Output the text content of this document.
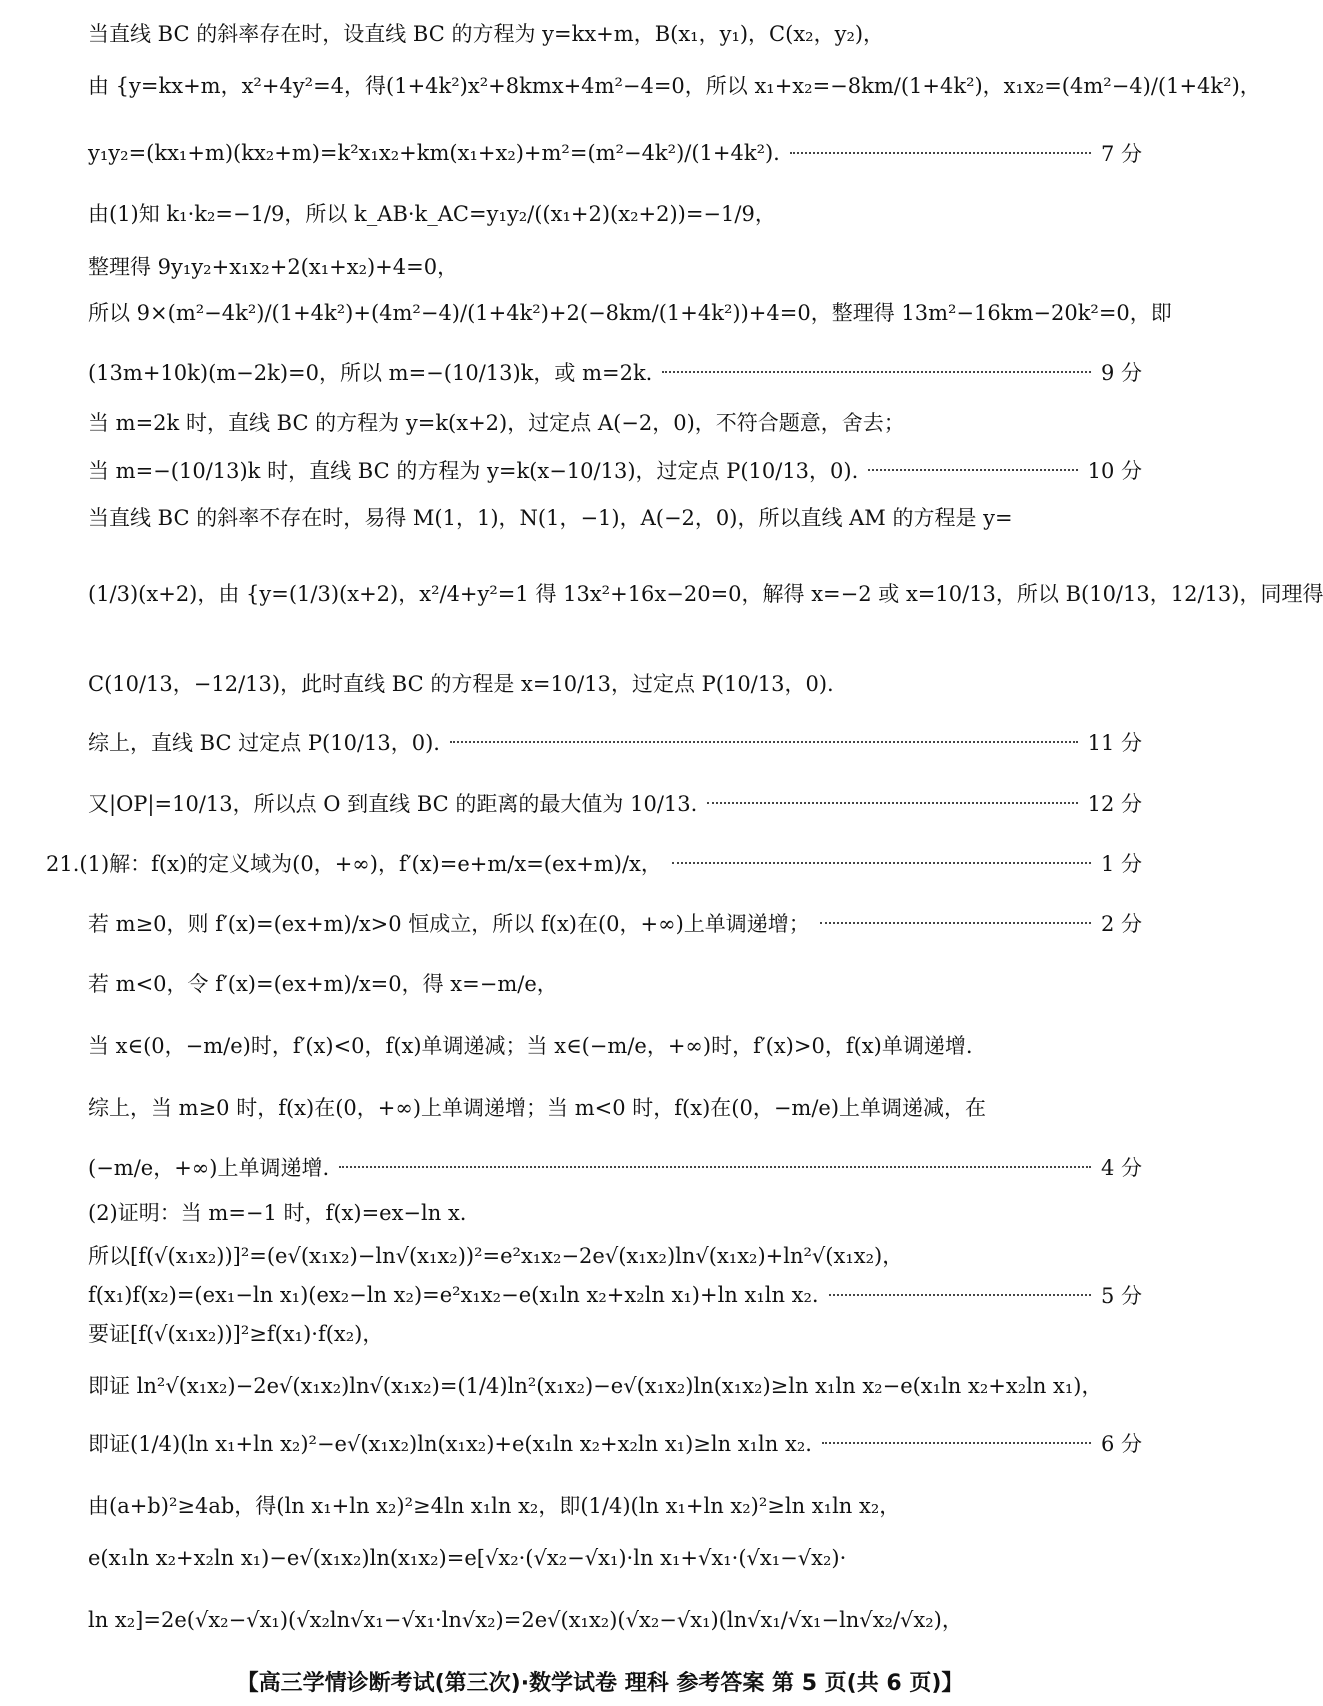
当直线 BC 的斜率存在时，设直线 BC 的方程为 y=kx+m，B(x₁，y₁)，C(x₂，y₂)，
由 {y=kx+m，x²+4y²=4，得(1+4k²)x²+8kmx+4m²−4=0，所以 x₁+x₂=−8km/(1+4k²)，x₁x₂=(4m²−4)/(1+4k²)，
y₁y₂=(kx₁+m)(kx₂+m)=k²x₁x₂+km(x₁+x₂)+m²=(m²−4k²)/(1+4k²).	7 分
由(1)知 k₁·k₂=−1/9，所以 k_AB·k_AC=y₁y₂/((x₁+2)(x₂+2))=−1/9，
整理得 9y₁y₂+x₁x₂+2(x₁+x₂)+4=0，
所以 9×(m²−4k²)/(1+4k²)+(4m²−4)/(1+4k²)+2(−8km/(1+4k²))+4=0，整理得 13m²−16km−20k²=0，即
(13m+10k)(m−2k)=0，所以 m=−(10/13)k，或 m=2k.	9 分
当 m=2k 时，直线 BC 的方程为 y=k(x+2)，过定点 A(−2，0)，不符合题意，舍去；
当 m=−(10/13)k 时，直线 BC 的方程为 y=k(x−10/13)，过定点 P(10/13，0).	10 分
当直线 BC 的斜率不存在时，易得 M(1，1)，N(1，−1)，A(−2，0)，所以直线 AM 的方程是 y=
(1/3)(x+2)，由 {y=(1/3)(x+2)，x²/4+y²=1 得 13x²+16x−20=0，解得 x=−2 或 x=10/13，所以 B(10/13，12/13)，同理得
C(10/13，−12/13)，此时直线 BC 的方程是 x=10/13，过定点 P(10/13，0).
综上，直线 BC 过定点 P(10/13，0).	11 分
又|OP|=10/13，所以点 O 到直线 BC 的距离的最大值为 10/13.	12 分
21.(1)解：f(x)的定义域为(0，+∞)，f′(x)=e+m/x=(ex+m)/x，	1 分
若 m≥0，则 f′(x)=(ex+m)/x>0 恒成立，所以 f(x)在(0，+∞)上单调递增；	2 分
若 m<0，令 f′(x)=(ex+m)/x=0，得 x=−m/e，
当 x∈(0，−m/e)时，f′(x)<0，f(x)单调递减；当 x∈(−m/e，+∞)时，f′(x)>0，f(x)单调递增.
综上，当 m≥0 时，f(x)在(0，+∞)上单调递增；当 m<0 时，f(x)在(0，−m/e)上单调递减，在
(−m/e，+∞)上单调递增.	4 分
(2)证明：当 m=−1 时，f(x)=ex−ln x.
所以[f(√(x₁x₂))]²=(e√(x₁x₂)−ln√(x₁x₂))²=e²x₁x₂−2e√(x₁x₂)ln√(x₁x₂)+ln²√(x₁x₂)，
f(x₁)f(x₂)=(ex₁−ln x₁)(ex₂−ln x₂)=e²x₁x₂−e(x₁ln x₂+x₂ln x₁)+ln x₁ln x₂.	5 分
要证[f(√(x₁x₂))]²≥f(x₁)·f(x₂)，
即证 ln²√(x₁x₂)−2e√(x₁x₂)ln√(x₁x₂)=(1/4)ln²(x₁x₂)−e√(x₁x₂)ln(x₁x₂)≥ln x₁ln x₂−e(x₁ln x₂+x₂ln x₁)，
即证(1/4)(ln x₁+ln x₂)²−e√(x₁x₂)ln(x₁x₂)+e(x₁ln x₂+x₂ln x₁)≥ln x₁ln x₂.	6 分
由(a+b)²≥4ab，得(ln x₁+ln x₂)²≥4ln x₁ln x₂，即(1/4)(ln x₁+ln x₂)²≥ln x₁ln x₂，
e(x₁ln x₂+x₂ln x₁)−e√(x₁x₂)ln(x₁x₂)=e[√x₂·(√x₂−√x₁)·ln x₁+√x₁·(√x₁−√x₂)·
ln x₂]=2e(√x₂−√x₁)(√x₂ln√x₁−√x₁·ln√x₂)=2e√(x₁x₂)(√x₂−√x₁)(ln√x₁/√x₁−ln√x₂/√x₂)，
【高三学情诊断考试(第三次)·数学试卷 理科 参考答案 第 5 页(共 6 页)】
